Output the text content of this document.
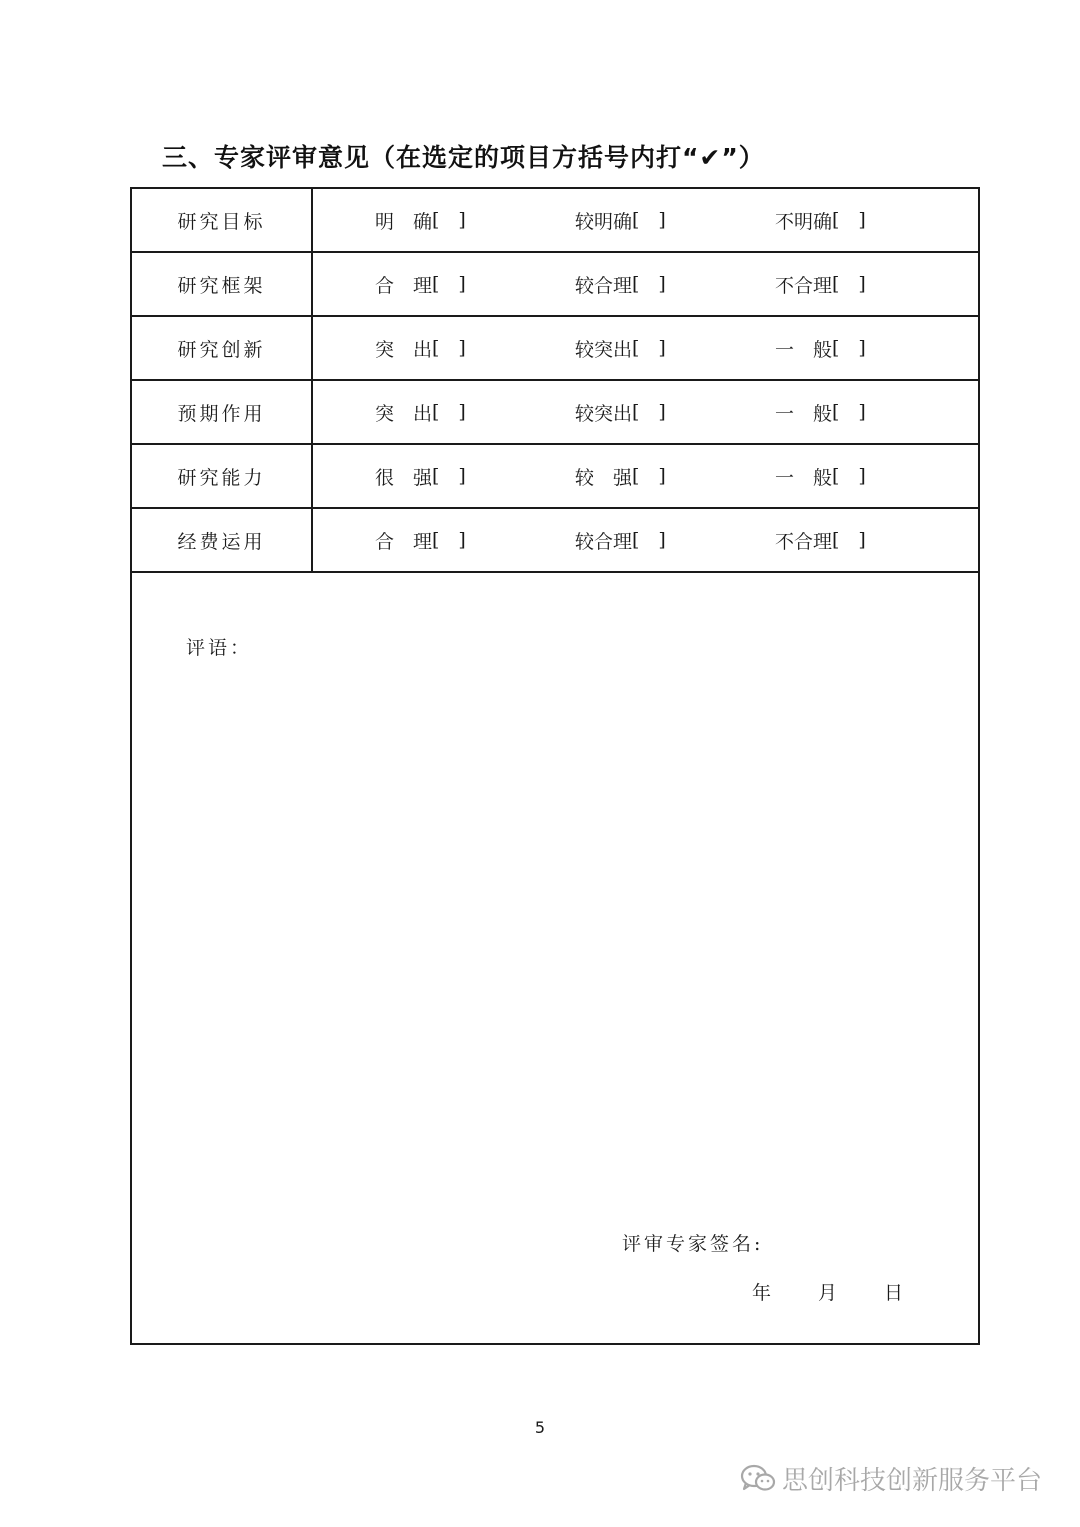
三、专家评审意见（在选定的项目方括号内打“✔”）
研究目标	明　确 [  ]	较明确 [  ]	不明确 [  ]
研究框架	合　理 [  ]	较合理 [  ]	不合理 [  ]
研究创新	突　出 [  ]	较突出 [  ]	一　般 [  ]
预期作用	突　出 [  ]	较突出 [  ]	一　般 [  ]
研究能力	很　强 [  ]	较　强 [  ]	一　般 [  ]
经费运用	合　理 [  ]	较合理 [  ]	不合理 [  ]
评语：
评审专家签名:
年 月 日
5
思创科技创新服务平台
